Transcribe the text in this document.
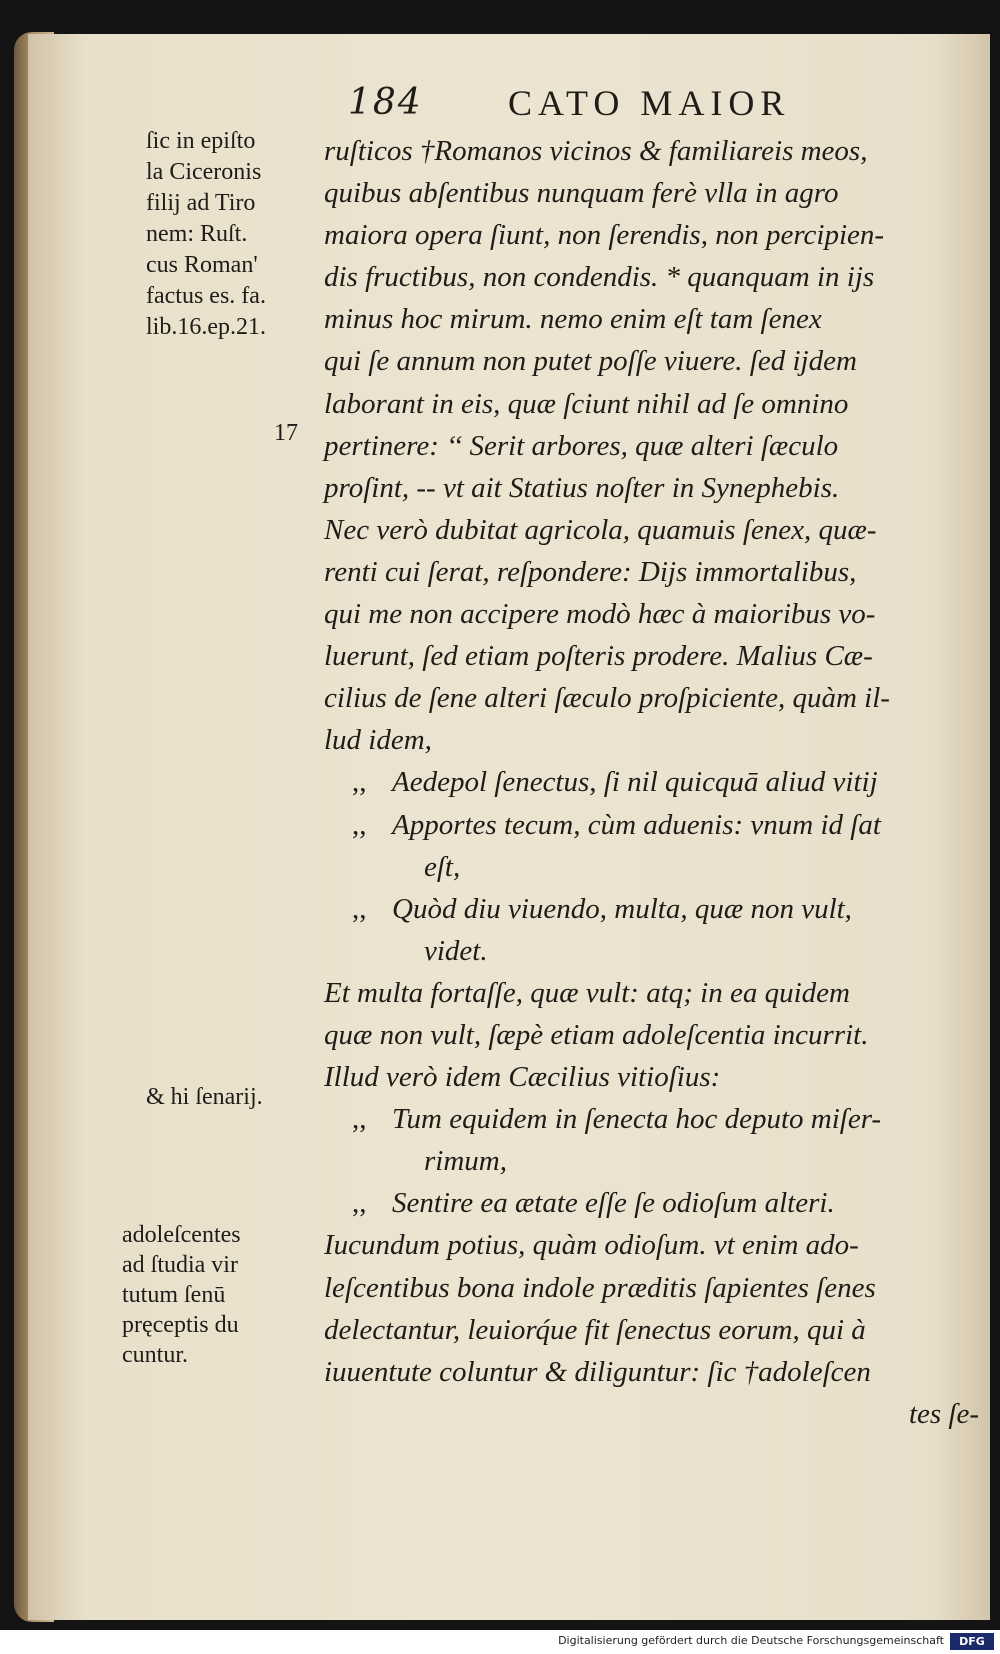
184 CATO MAIOR
ſic in epiſto
la Ciceronis
filij ad Tiro
nem: Ruſt.
cus Roman'
factus es. fa.
lib.16.ep.21.
17
& hi ſenarij.
adoleſcentes
ad ſtudia vir
tutum ſenū
pręceptis du
cuntur.
ruſticos †Romanos vicinos & familiareis meos,
quibus abſentibus nunquam ferè vlla in agro
maiora opera ſiunt, non ſerendis, non percipien-
dis fructibus, non condendis. * quanquam in ijs
minus hoc mirum. nemo enim eſt tam ſenex
qui ſe annum non putet poſſe viuere. ſed ijdem
laborant in eis, quæ ſciunt nihil ad ſe omnino
pertinere: ‘‘ Serit arbores, quæ alteri ſæculo
proſint, -- vt ait Statius noſter in Synephebis.
Nec verò dubitat agricola, quamuis ſenex, quæ-
renti cui ſerat, reſpondere: Dijs immortalibus,
qui me non accipere modò hæc à maioribus vo-
luerunt, ſed etiam poſteris prodere. Malius Cæ-
cilius de ſene alteri ſæculo proſpiciente, quàm il-
lud idem,
,, Aedepol ſenectus, ſi nil quicquā aliud vitij
,, Apportes tecum, cùm aduenis: vnum id ſat
eſt,
,, Quòd diu viuendo, multa, quæ non vult,
videt.
Et multa fortaſſe, quæ vult: atq; in ea quidem
quæ non vult, ſæpè etiam adoleſcentia incurrit.
Illud verò idem Cæcilius vitioſius:
,, Tum equidem in ſenecta hoc deputo miſer-
rimum,
,, Sentire ea ætate eſſe ſe odioſum alteri.
Iucundum potius, quàm odioſum. vt enim ado-
leſcentibus bona indole præditis ſapientes ſenes
delectantur, leuiorq́ue fit ſenectus eorum, qui à
iuuentute coluntur & diliguntur: ſic †adoleſcen
tes ſe-
Digitalisierung gefördert durch die Deutsche Forschungsgemeinschaft	DFG
